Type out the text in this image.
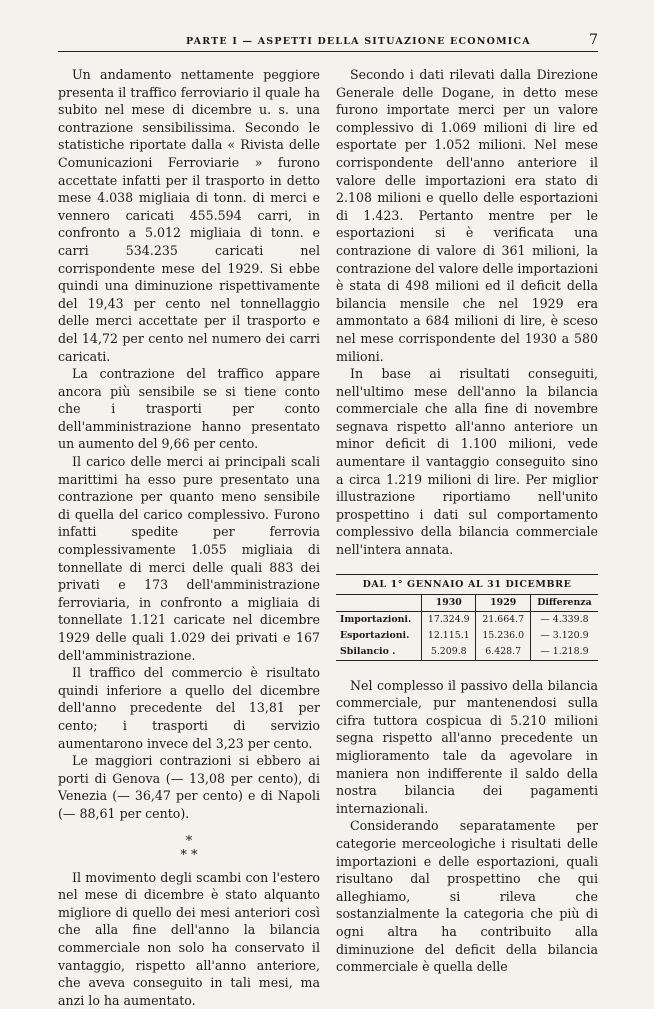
PARTE I — ASPETTI DELLA SITUAZIONE ECONOMICA	7

Un andamento nettamente peggiore presenta il traffico ferroviario il quale ha subito nel mese di dicembre u. s. una contrazione sensibilissima. Secondo le statistiche riportate dalla « Rivista delle Comunicazioni Ferroviarie » furono accettate infatti per il trasporto in detto mese 4.038 migliaia di tonn. di merci e vennero caricati 455.594 carri, in confronto a 5.012 migliaia di tonn. e carri 534.235 caricati nel corrispondente mese del 1929. Si ebbe quindi una diminuzione rispettivamente del 19,43 per cento nel tonnellaggio delle merci accettate per il trasporto e del 14,72 per cento nel numero dei carri caricati.

La contrazione del traffico appare ancora più sensibile se si tiene conto che i trasporti per conto dell'amministrazione hanno presentato un aumento del 9,66 per cento.

Il carico delle merci ai principali scali marittimi ha esso pure presentato una contrazione per quanto meno sensibile di quella del carico complessivo. Furono infatti spedite per ferrovia complessivamente 1.055 migliaia di tonnellate di merci delle quali 883 dei privati e 173 dell'amministrazione ferroviaria, in confronto a migliaia di tonnellate 1.121 caricate nel dicembre 1929 delle quali 1.029 dei privati e 167 dell'amministrazione.

Il traffico del commercio è risultato quindi inferiore a quello del dicembre dell'anno precedente del 13,81 per cento; i trasporti di servizio aumentarono invece del 3,23 per cento.

Le maggiori contrazioni si ebbero ai porti di Genova (— 13,08 per cento), di Venezia (— 36,47 per cento) e di Napoli (— 88,61 per cento).

*
* *

Il movimento degli scambi con l'estero nel mese di dicembre è stato alquanto migliore di quello dei mesi anteriori così che alla fine dell'anno la bilancia commerciale non solo ha conservato il vantaggio, rispetto all'anno anteriore, che aveva conseguito in tali mesi, ma anzi lo ha aumentato.

Secondo i dati rilevati dalla Direzione Generale delle Dogane, in detto mese furono importate merci per un valore complessivo di 1.069 milioni di lire ed esportate per 1.052 milioni. Nel mese corrispondente dell'anno anteriore il valore delle importazioni era stato di 2.108 milioni e quello delle esportazioni di 1.423. Pertanto mentre per le esportazioni si è verificata una contrazione di valore di 361 milioni, la contrazione del valore delle importazioni è stata di 498 milioni ed il deficit della bilancia mensile che nel 1929 era ammontato a 684 milioni di lire, è sceso nel mese corrispondente del 1930 a 580 milioni.

In base ai risultati conseguiti, nell'ultimo mese dell'anno la bilancia commerciale che alla fine di novembre segnava rispetto all'anno anteriore un minor deficit di 1.100 milioni, vede aumentare il vantaggio conseguito sino a circa 1.219 milioni di lire. Per miglior illustrazione riportiamo nell'unito prospettino i dati sul comportamento complessivo della bilancia commerciale nell'intera annata.

DAL 1° GENNAIO AL 31 DICEMBRE
	1930	1929	Differenza
Importazioni.	17.324.9	21.664.7	— 4.339.8
Esportazioni.	12.115.1	15.236.0	— 3.120.9
Sbilancio .	5.209.8	6.428.7	— 1.218.9

Nel complesso il passivo della bilancia commerciale, pur mantenendosi sulla cifra tuttora cospicua di 5.210 milioni segna rispetto all'anno precedente un miglioramento tale da agevolare in maniera non indifferente il saldo della nostra bilancia dei pagamenti internazionali.

Considerando separatamente per categorie merceologiche i risultati delle importazioni e delle esportazioni, quali risultano dal prospettino che qui alleghiamo, si rileva che sostanzialmente la categoria che più di ogni altra ha contribuito alla diminuzione del deficit della bilancia commerciale è quella delle
